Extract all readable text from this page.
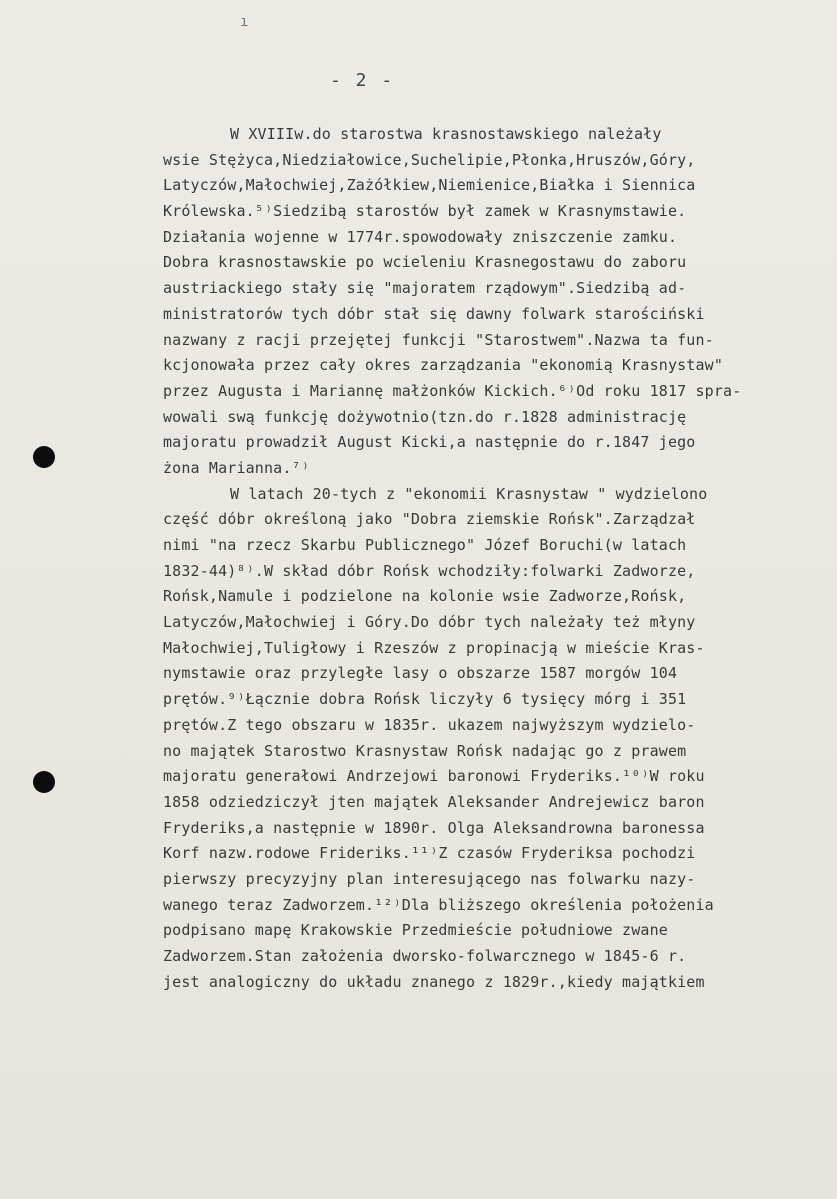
ı
- 2 -
W XVIIIw.do starostwa krasnostawskiego należały
wsie Stężyca,Niedziałowice,Suchelipie,Płonka,Hruszów,Góry,
Latyczów,Małochwiej,Zażółkiew,Niemienice,Białka i Siennica
Królewska.⁵⁾Siedzibą starostów był zamek w Krasnymstawie.
Działania wojenne w 1774r.spowodowały zniszczenie zamku.
Dobra krasnostawskie po wcieleniu Krasnegostawu do zaboru
austriackiego stały się "majoratem rządowym".Siedzibą ad-
ministratorów tych dóbr stał się dawny folwark starościński
nazwany z racji przejętej funkcji "Starostwem".Nazwa ta fun-
kcjonowała przez cały okres zarządzania "ekonomią Krasnystaw"
przez Augusta i Mariannę małżonków Kickich.⁶⁾Od roku 1817 spra-
wowali swą funkcję dożywotnio(tzn.do r.1828 administrację
majoratu prowadził August Kicki,a następnie do r.1847 jego
żona Marianna.⁷⁾
W latach 20-tych z "ekonomii Krasnystaw " wydzielono
część dóbr określoną jako "Dobra ziemskie Rońsk".Zarządzał
nimi "na rzecz Skarbu Publicznego" Józef Boruchi(w latach
1832-44)⁸⁾.W skład dóbr Rońsk wchodziły:folwarki Zadworze,
Rońsk,Namule i podzielone na kolonie wsie Zadworze,Rońsk,
Latyczów,Małochwiej i Góry.Do dóbr tych należały też młyny
Małochwiej,Tuligłowy i Rzeszów z propinacją w mieście Kras-
nymstawie oraz przyległe lasy o obszarze 1587 morgów 104
prętów.⁹⁾Łącznie dobra Rońsk liczyły 6 tysięcy mórg i 351
prętów.Z tego obszaru w 1835r. ukazem najwyższym wydzielo-
no majątek Starostwo Krasnystaw Rońsk nadając go z prawem
majoratu generałowi Andrzejowi baronowi Fryderiks.¹⁰⁾W roku
1858 odziedziczył jten majątek Aleksander Andrejewicz baron
Fryderiks,a następnie w 1890r. Olga Aleksandrowna baronessa
Korf nazw.rodowe Frideriks.¹¹⁾Z czasów Fryderiksa pochodzi
pierwszy precyzyjny plan interesującego nas folwarku nazy-
wanego teraz Zadworzem.¹²⁾Dla bliższego określenia położenia
podpisano mapę Krakowskie Przedmieście południowe zwane
Zadworzem.Stan założenia dworsko-folwarcznego w 1845-6 r.
jest analogiczny do układu znanego z 1829r.,kiedy majątkiem
